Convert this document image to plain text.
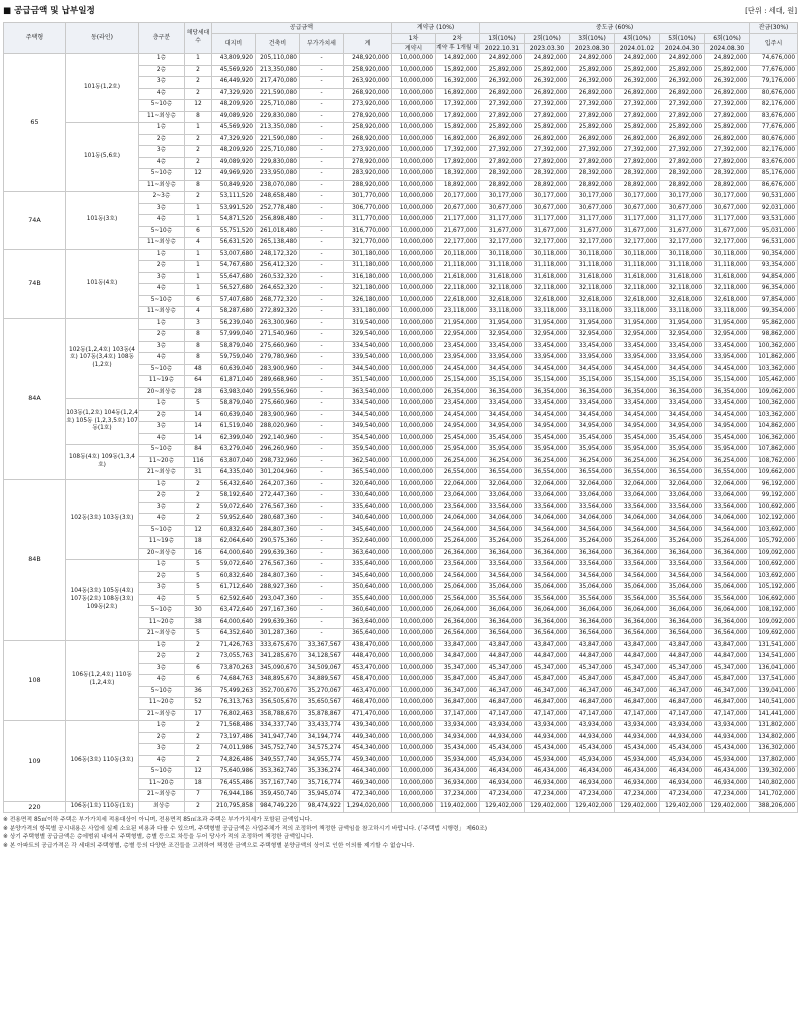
■ 공급금액 및 납부일정	[단위 : 세대, 원]
주택형	동(라인)	층구분	해당세대수	공급금액				계약금 (10%)		중도금 (60%)						잔금(30%)
				대지비	건축비	부가가치세	계	1차	2차	1회(10%)	2회(10%)	3회(10%)	4회(10%)	5회(10%)	6회(10%)	입주시
								계약시	계약 후 1개월 내	2022.10.31	2023.03.30	2023.08.30	2024.01.02	2024.04.30	2024.08.30	
65	101동(1,2호)	1층	1	43,809,920	205,110,080	-	248,920,000	10,000,000	14,892,000	24,892,000	24,892,000	24,892,000	24,892,000	24,892,000	24,892,000	74,676,000
		2층	2	45,569,920	213,350,080	-	258,920,000	10,000,000	15,892,000	25,892,000	25,892,000	25,892,000	25,892,000	25,892,000	25,892,000	77,676,000
		3층	2	46,449,920	217,470,080	-	263,920,000	10,000,000	16,392,000	26,392,000	26,392,000	26,392,000	26,392,000	26,392,000	26,392,000	79,176,000
		4층	2	47,329,920	221,590,080	-	268,920,000	10,000,000	16,892,000	26,892,000	26,892,000	26,892,000	26,892,000	26,892,000	26,892,000	80,676,000
		5~10층	12	48,209,920	225,710,080	-	273,920,000	10,000,000	17,392,000	27,392,000	27,392,000	27,392,000	27,392,000	27,392,000	27,392,000	82,176,000
		11~최상층	8	49,089,920	229,830,080	-	278,920,000	10,000,000	17,892,000	27,892,000	27,892,000	27,892,000	27,892,000	27,892,000	27,892,000	83,676,000
	101동(5,6호)	1층	1	45,569,920	213,350,080	-	258,920,000	10,000,000	15,892,000	25,892,000	25,892,000	25,892,000	25,892,000	25,892,000	25,892,000	77,676,000
		2층	2	47,329,920	221,590,080	-	268,920,000	10,000,000	16,892,000	26,892,000	26,892,000	26,892,000	26,892,000	26,892,000	26,892,000	80,676,000
		3층	2	48,209,920	225,710,080	-	273,920,000	10,000,000	17,392,000	27,392,000	27,392,000	27,392,000	27,392,000	27,392,000	27,392,000	82,176,000
		4층	2	49,089,920	229,830,080	-	278,920,000	10,000,000	17,892,000	27,892,000	27,892,000	27,892,000	27,892,000	27,892,000	27,892,000	83,676,000
		5~10층	12	49,969,920	233,950,080	-	283,920,000	10,000,000	18,392,000	28,392,000	28,392,000	28,392,000	28,392,000	28,392,000	28,392,000	85,176,000
		11~최상층	8	50,849,920	238,070,080	-	288,920,000	10,000,000	18,892,000	28,892,000	28,892,000	28,892,000	28,892,000	28,892,000	28,892,000	86,676,000
74A	101동(3호)	2~3층	2	53,111,520	248,658,480	-	301,770,000	10,000,000	20,177,000	30,177,000	30,177,000	30,177,000	30,177,000	30,177,000	30,177,000	90,531,000
		3층	1	53,991,520	252,778,480	-	306,770,000	10,000,000	20,677,000	30,677,000	30,677,000	30,677,000	30,677,000	30,677,000	30,677,000	92,031,000
		4층	1	54,871,520	256,898,480	-	311,770,000	10,000,000	21,177,000	31,177,000	31,177,000	31,177,000	31,177,000	31,177,000	31,177,000	93,531,000
		5~10층	6	55,751,520	261,018,480	-	316,770,000	10,000,000	21,677,000	31,677,000	31,677,000	31,677,000	31,677,000	31,677,000	31,677,000	95,031,000
		11~최상층	4	56,631,520	265,138,480	-	321,770,000	10,000,000	22,177,000	32,177,000	32,177,000	32,177,000	32,177,000	32,177,000	32,177,000	96,531,000
74B	101동(4호)	1층	1	53,007,680	248,172,320	-	301,180,000	10,000,000	20,118,000	30,118,000	30,118,000	30,118,000	30,118,000	30,118,000	30,118,000	90,354,000
		2층	1	54,767,680	256,412,320	-	311,180,000	10,000,000	21,118,000	31,118,000	31,118,000	31,118,000	31,118,000	31,118,000	31,118,000	93,354,000
		3층	1	55,647,680	260,532,320	-	316,180,000	10,000,000	21,618,000	31,618,000	31,618,000	31,618,000	31,618,000	31,618,000	31,618,000	94,854,000
		4층	1	56,527,680	264,652,320	-	321,180,000	10,000,000	22,118,000	32,118,000	32,118,000	32,118,000	32,118,000	32,118,000	32,118,000	96,354,000
		5~10층	6	57,407,680	268,772,320	-	326,180,000	10,000,000	22,618,000	32,618,000	32,618,000	32,618,000	32,618,000	32,618,000	32,618,000	97,854,000
		11~최상층	4	58,287,680	272,892,320	-	331,180,000	10,000,000	23,118,000	33,118,000	33,118,000	33,118,000	33,118,000	33,118,000	33,118,000	99,354,000
84A	102동(1,2,4호) 103동(4호) 107동(3,4호) 108동(1,2호)	1층	3	56,239,040	263,300,960	-	319,540,000	10,000,000	21,954,000	31,954,000	31,954,000	31,954,000	31,954,000	31,954,000	31,954,000	95,862,000
		2층	8	57,999,040	271,540,960	-	329,540,000	10,000,000	22,954,000	32,954,000	32,954,000	32,954,000	32,954,000	32,954,000	32,954,000	98,862,000
		3층	8	58,879,040	275,660,960	-	334,540,000	10,000,000	23,454,000	33,454,000	33,454,000	33,454,000	33,454,000	33,454,000	33,454,000	100,362,000
		4층	8	59,759,040	279,780,960	-	339,540,000	10,000,000	23,954,000	33,954,000	33,954,000	33,954,000	33,954,000	33,954,000	33,954,000	101,862,000
		5~10층	48	60,639,040	283,900,960	-	344,540,000	10,000,000	24,454,000	34,454,000	34,454,000	34,454,000	34,454,000	34,454,000	34,454,000	103,362,000
		11~19층	64	61,871,040	289,668,960	-	351,540,000	10,000,000	25,154,000	35,154,000	35,154,000	35,154,000	35,154,000	35,154,000	35,154,000	105,462,000
		20~최상층	28	63,983,040	299,556,960	-	363,540,000	10,000,000	26,354,000	36,354,000	36,354,000	36,354,000	36,354,000	36,354,000	36,354,000	109,062,000
	103동(1,2호) 104동(1,2,4호) 105동 (1,2,3,5호) 107동(1호)	1층	5	58,879,040	275,660,960	-	334,540,000	10,000,000	23,454,000	33,454,000	33,454,000	33,454,000	33,454,000	33,454,000	33,454,000	100,362,000
		2층	14	60,639,040	283,900,960	-	344,540,000	10,000,000	24,454,000	34,454,000	34,454,000	34,454,000	34,454,000	34,454,000	34,454,000	103,362,000
		3층	14	61,519,040	288,020,960	-	349,540,000	10,000,000	24,954,000	34,954,000	34,954,000	34,954,000	34,954,000	34,954,000	34,954,000	104,862,000
		4층	14	62,399,040	292,140,960	-	354,540,000	10,000,000	25,454,000	35,454,000	35,454,000	35,454,000	35,454,000	35,454,000	35,454,000	106,362,000
	108동(4호) 109동(1,3,4호)	5~10층	84	63,279,040	296,260,960	-	359,540,000	10,000,000	25,954,000	35,954,000	35,954,000	35,954,000	35,954,000	35,954,000	35,954,000	107,862,000
		11~20층	116	63,807,040	298,732,960	-	362,540,000	10,000,000	26,254,000	36,254,000	36,254,000	36,254,000	36,254,000	36,254,000	36,254,000	108,762,000
		21~최상층	31	64,335,040	301,204,960	-	365,540,000	10,000,000	26,554,000	36,554,000	36,554,000	36,554,000	36,554,000	36,554,000	36,554,000	109,662,000
84B	102동(3호) 103동(3호)	1층	2	56,432,640	264,207,360	-	320,640,000	10,000,000	22,064,000	32,064,000	32,064,000	32,064,000	32,064,000	32,064,000	32,064,000	96,192,000
		2층	2	58,192,640	272,447,360	-	330,640,000	10,000,000	23,064,000	33,064,000	33,064,000	33,064,000	33,064,000	33,064,000	33,064,000	99,192,000
		3층	2	59,072,640	276,567,360	-	335,640,000	10,000,000	23,564,000	33,564,000	33,564,000	33,564,000	33,564,000	33,564,000	33,564,000	100,692,000
		4층	2	59,952,640	280,687,360	-	340,640,000	10,000,000	24,064,000	34,064,000	34,064,000	34,064,000	34,064,000	34,064,000	34,064,000	102,192,000
		5~10층	12	60,832,640	284,807,360	-	345,640,000	10,000,000	24,564,000	34,564,000	34,564,000	34,564,000	34,564,000	34,564,000	34,564,000	103,692,000
		11~19층	18	62,064,640	290,575,360	-	352,640,000	10,000,000	25,264,000	35,264,000	35,264,000	35,264,000	35,264,000	35,264,000	35,264,000	105,792,000
		20~최상층	16	64,000,640	299,639,360	-	363,640,000	10,000,000	26,364,000	36,364,000	36,364,000	36,364,000	36,364,000	36,364,000	36,364,000	109,092,000
	104동(3호) 105동(4호) 107동(2호) 108동(3호) 109동(2호)	1층	5	59,072,640	276,567,360	-	335,640,000	10,000,000	23,564,000	33,564,000	33,564,000	33,564,000	33,564,000	33,564,000	33,564,000	100,692,000
		2층	5	60,832,640	284,807,360	-	345,640,000	10,000,000	24,564,000	34,564,000	34,564,000	34,564,000	34,564,000	34,564,000	34,564,000	103,692,000
		3층	5	61,712,640	288,927,360	-	350,640,000	10,000,000	25,064,000	35,064,000	35,064,000	35,064,000	35,064,000	35,064,000	35,064,000	105,192,000
		4층	5	62,592,640	293,047,360	-	355,640,000	10,000,000	25,564,000	35,564,000	35,564,000	35,564,000	35,564,000	35,564,000	35,564,000	106,692,000
		5~10층	30	63,472,640	297,167,360	-	360,640,000	10,000,000	26,064,000	36,064,000	36,064,000	36,064,000	36,064,000	36,064,000	36,064,000	108,192,000
		11~20층	38	64,000,640	299,639,360	-	363,640,000	10,000,000	26,364,000	36,364,000	36,364,000	36,364,000	36,364,000	36,364,000	36,364,000	109,092,000
		21~최상층	5	64,352,640	301,287,360	-	365,640,000	10,000,000	26,564,000	36,564,000	36,564,000	36,564,000	36,564,000	36,564,000	36,564,000	109,692,000
108	106동(1,2,4호) 110동(1,2,4호)	1층	2	71,426,763	333,675,670	33,367,567	438,470,000	10,000,000	33,847,000	43,847,000	43,847,000	43,847,000	43,847,000	43,847,000	43,847,000	131,541,000
		2층	2	73,055,763	341,285,670	34,128,567	448,470,000	10,000,000	34,847,000	44,847,000	44,847,000	44,847,000	44,847,000	44,847,000	44,847,000	134,541,000
		3층	6	73,870,263	345,090,670	34,509,067	453,470,000	10,000,000	35,347,000	45,347,000	45,347,000	45,347,000	45,347,000	45,347,000	45,347,000	136,041,000
		4층	6	74,684,763	348,895,670	34,889,567	458,470,000	10,000,000	35,847,000	45,847,000	45,847,000	45,847,000	45,847,000	45,847,000	45,847,000	137,541,000
		5~10층	36	75,499,263	352,700,670	35,270,067	463,470,000	10,000,000	36,347,000	46,347,000	46,347,000	46,347,000	46,347,000	46,347,000	46,347,000	139,041,000
		11~20층	52	76,313,763	356,505,670	35,650,567	468,470,000	10,000,000	36,847,000	46,847,000	46,847,000	46,847,000	46,847,000	46,847,000	46,847,000	140,541,000
		21~최상층	17	76,802,463	358,788,670	35,878,867	471,470,000	10,000,000	37,147,000	47,147,000	47,147,000	47,147,000	47,147,000	47,147,000	47,147,000	141,441,000
109	106동(3호) 110동(3호)	1층	2	71,568,486	334,337,740	33,433,774	439,340,000	10,000,000	33,934,000	43,934,000	43,934,000	43,934,000	43,934,000	43,934,000	43,934,000	131,802,000
		2층	2	73,197,486	341,947,740	34,194,774	449,340,000	10,000,000	34,934,000	44,934,000	44,934,000	44,934,000	44,934,000	44,934,000	44,934,000	134,802,000
		3층	2	74,011,986	345,752,740	34,575,274	454,340,000	10,000,000	35,434,000	45,434,000	45,434,000	45,434,000	45,434,000	45,434,000	45,434,000	136,302,000
		4층	2	74,826,486	349,557,740	34,955,774	459,340,000	10,000,000	35,934,000	45,934,000	45,934,000	45,934,000	45,934,000	45,934,000	45,934,000	137,802,000
		5~10층	12	75,640,986	353,362,740	35,336,274	464,340,000	10,000,000	36,434,000	46,434,000	46,434,000	46,434,000	46,434,000	46,434,000	46,434,000	139,302,000
		11~20층	18	76,455,486	357,167,740	35,716,774	469,340,000	10,000,000	36,934,000	46,934,000	46,934,000	46,934,000	46,934,000	46,934,000	46,934,000	140,802,000
		21~최상층	7	76,944,186	359,450,740	35,945,074	472,340,000	10,000,000	37,234,000	47,234,000	47,234,000	47,234,000	47,234,000	47,234,000	47,234,000	141,702,000
220	106동(1호) 110동(1호)	최상층	2	210,795,858	984,749,220	98,474,922	1,294,020,000	10,000,000	119,402,000	129,402,000	129,402,000	129,402,000	129,402,000	129,402,000	129,402,000	388,206,000
※ 전용면적 85㎡이하 주택은 부가가치세 적용대상이 아니며, 전용면적 85㎡초과 주택은 부가가치세가 포함된 금액입니다.
※ 분양가격의 항목별 공시내용은 사업에 실제 소요된 비용과 다를 수 있으며, 주택형별 공급금액은 사업주체가 적의 조정하여 책정한 금액임을 참고하시기 바랍니다. (「주택법 시행령」 제60조)
※ 상기 주택형별 공급금액은 층에범위 내에서 주택형별, 층별 등으로 차등을 두어 당사가 적의 조정하여 책정한 금액입니다.
※ 본 아파트의 공급가격은 각 세대의 주택형별, 층별 등의 다양한 조건들을 고려하여 책정한 금액으로 주택형별 분양금액의 상이로 인한 이의를 제기할 수 없습니다.
